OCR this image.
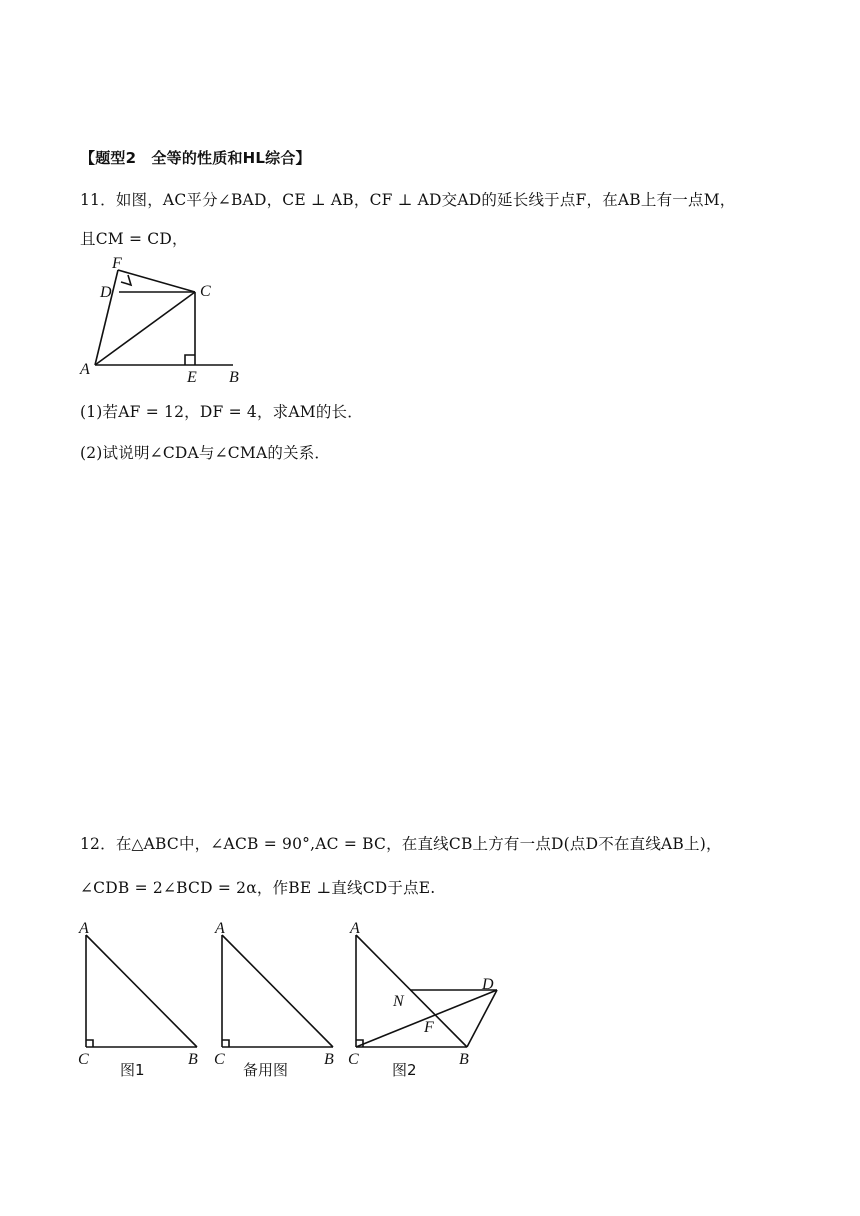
【题型2　全等的性质和HL综合】
11．如图，AC平分∠BAD，CE ⊥ AB，CF ⊥ AD交AD的延长线于点F，在AB上有一点M，
且CM = CD，
F
D	C
A	E B
A
C	B
图1
A
C	B
备用图
A
C	B
D
N
F
图2
(1)若AF = 12，DF = 4，求AM的长．
(2)试说明∠CDA与∠CMA的关系．
12．在△ABC中，∠ACB = 90°,AC = BC，在直线CB上方有一点D(点D不在直线AB上)，
∠CDB = 2∠BCD = 2α，作BE ⊥直线CD于点E.
